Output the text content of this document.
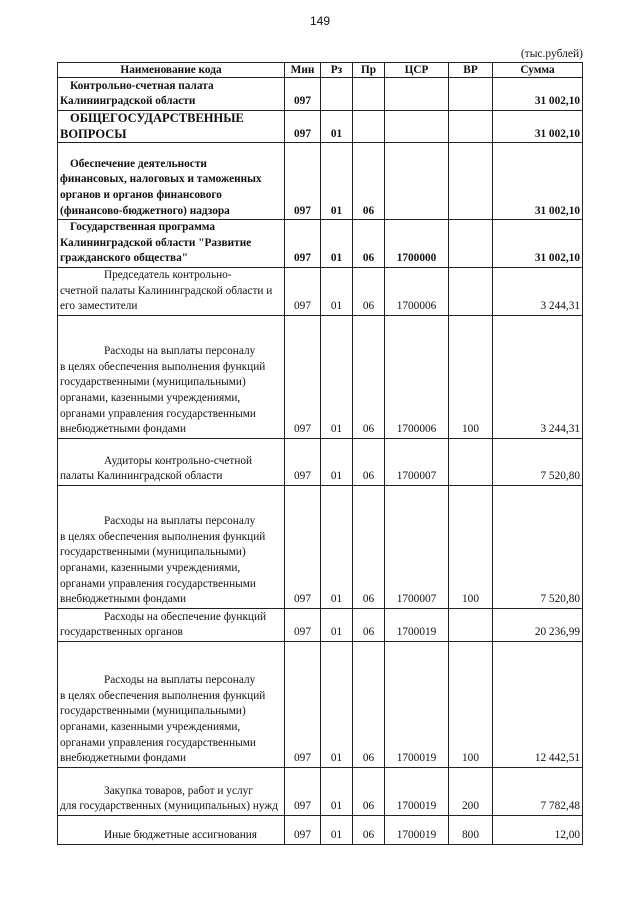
149
(тыс.рублей)
Наименование кода	Мин	Рз	Пр	ЦСР	ВР	Сумма
Контрольно-счетная палата
Калининградской области	097					31 002,10
ОБЩЕГОСУДАРСТВЕННЫЕ
ВОПРОСЫ	097	01				31 002,10
Обеспечение деятельности
финансовых, налоговых и таможенных органов и органов финансового (финансово-бюджетного) надзора	097	01	06			31 002,10
Государственная программа
Калининградской области "Развитие гражданского общества"	097	01	06	1700000		31 002,10
Председатель контрольно-
счетной палаты Калининградской области и его заместители	097	01	06	1700006		3 244,31
Расходы на выплаты персоналу
в целях обеспечения выполнения функций государственными (муниципальными) органами, казенными учреждениями, органами управления государственными внебюджетными фондами	097	01	06	1700006	100	3 244,31
Аудиторы контрольно-счетной
палаты Калининградской области	097	01	06	1700007		7 520,80
Расходы на выплаты персоналу
в целях обеспечения выполнения функций государственными (муниципальными) органами, казенными учреждениями, органами управления государственными внебюджетными фондами	097	01	06	1700007	100	7 520,80
Расходы на обеспечение функций
государственных органов	097	01	06	1700019		20 236,99
Расходы на выплаты персоналу
в целях обеспечения выполнения функций государственными (муниципальными) органами, казенными учреждениями, органами управления государственными внебюджетными фондами	097	01	06	1700019	100	12 442,51
Закупка товаров, работ и услуг
для государственных (муниципальных) нужд	097	01	06	1700019	200	7 782,48
Иные бюджетные ассигнования	097	01	06	1700019	800	12,00
